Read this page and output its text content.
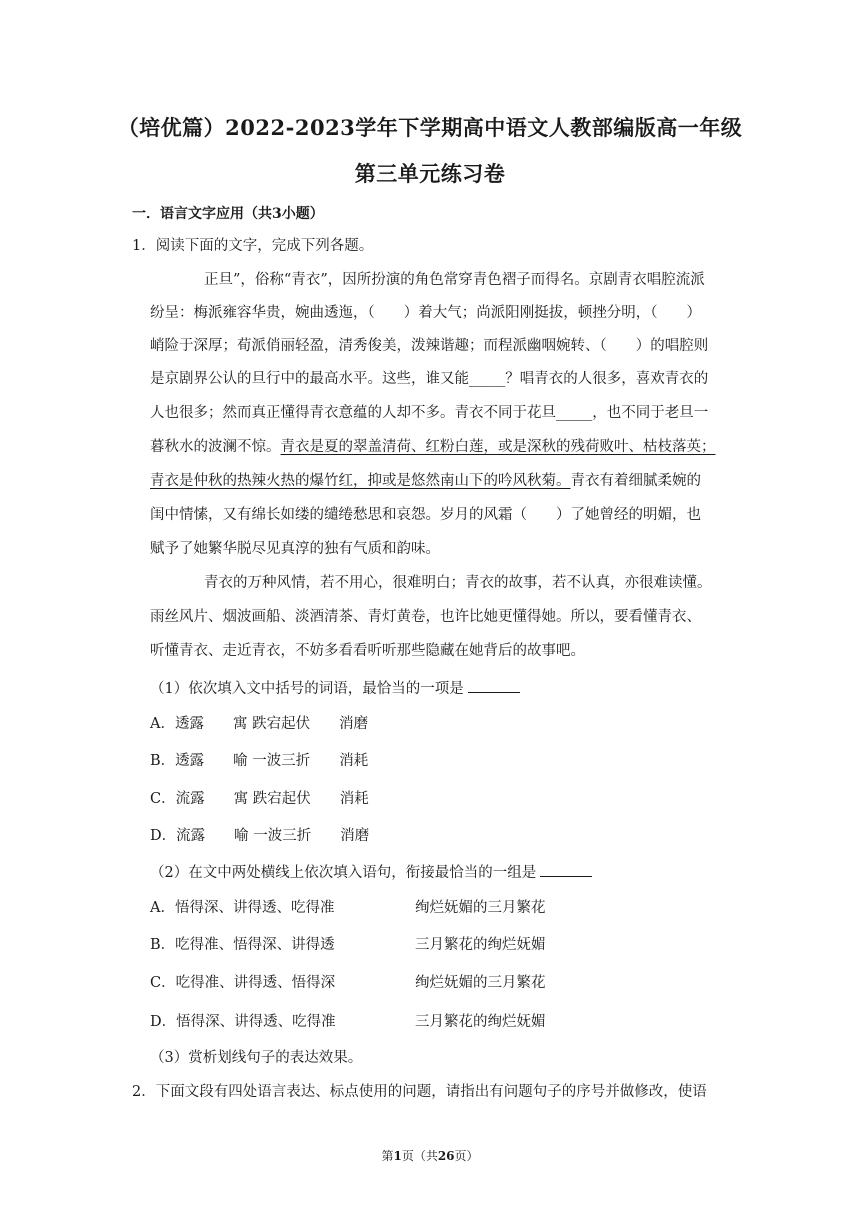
（培优篇）2022-2023学年下学期高中语文人教部编版高一年级
第三单元练习卷
一．语言文字应用（共3小题）
1．阅读下面的文字，完成下列各题。
正旦”，俗称“青衣”，因所扮演的角色常穿青色褶子而得名。京剧青衣唱腔流派
纷呈：梅派雍容华贵，婉曲透迤，（　　）着大气；尚派阳刚挺拔，顿挫分明，（　　）
峭险于深厚；荀派俏丽轻盈，清秀俊美，泼辣谐趣；而程派幽咽婉转、（　　）的唱腔则
是京剧界公认的旦行中的最高水平。这些，谁又能_____？唱青衣的人很多，喜欢青衣的
人也很多；然而真正懂得青衣意蕴的人却不多。青衣不同于花旦_____，也不同于老旦一
暮秋水的波澜不惊。青衣是夏的翠盖清荷、红粉白莲，或是深秋的残荷败叶、枯枝落英；
青衣是仲秋的热辣火热的爆竹红，抑或是悠然南山下的吟风秋菊。青衣有着细腻柔婉的
闺中情愫，又有绵长如缕的缱绻愁思和哀怨。岁月的风霜（　　）了她曾经的明媚，也
赋予了她繁华脱尽见真淳的独有气质和韵味。
青衣的万种风情，若不用心，很难明白；青衣的故事，若不认真，亦很难读懂。
雨丝风片、烟波画船、淡酒清茶、青灯黄卷，也许比她更懂得她。所以，要看懂青衣、
听懂青衣、走近青衣，不妨多看看听听那些隐藏在她背后的故事吧。
（1）依次填入文中括号的词语，最恰当的一项是
A．透露　　寓 跌宕起伏　　消磨
B．透露　　喻 一波三折　　消耗
C．流露　　寓 跌宕起伏　　消耗
D．流露　　喻 一波三折　　消磨
（2）在文中两处横线上依次填入语句，衔接最恰当的一组是
A．悟得深、讲得透、吃得准	绚烂妩媚的三月繁花
B．吃得准、悟得深、讲得透	三月繁花的绚烂妩媚
C．吃得准、讲得透、悟得深	绚烂妩媚的三月繁花
D．悟得深、讲得透、吃得准	三月繁花的绚烂妩媚
（3）赏析划线句子的表达效果。
2．下面文段有四处语言表达、标点使用的问题，请指出有问题句子的序号并做修改，使语
第1页（共26页）
